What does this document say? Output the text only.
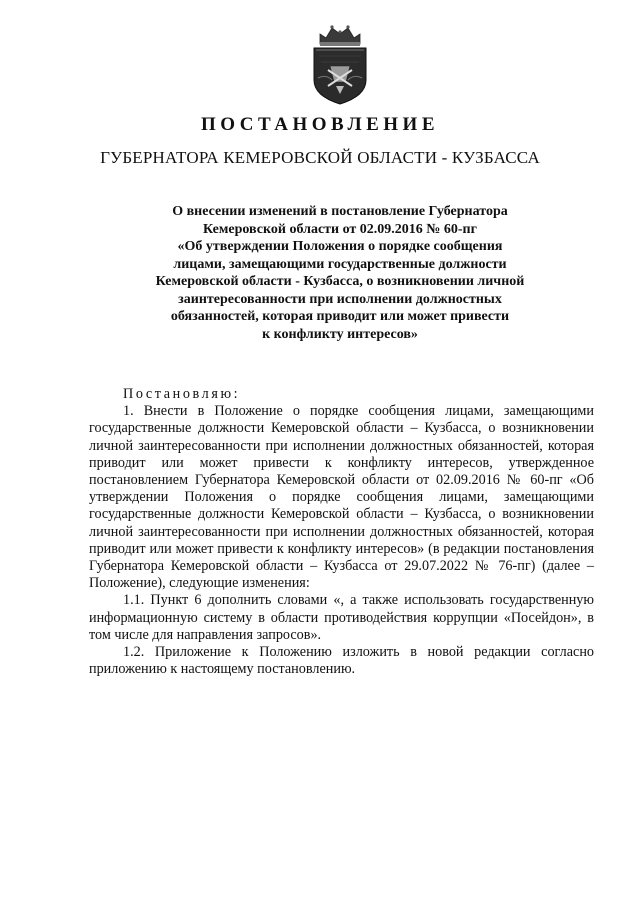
ПОСТАНОВЛЕНИЕ
ГУБЕРНАТОРА КЕМЕРОВСКОЙ ОБЛАСТИ - КУЗБАССА
О внесении изменений в постановление Губернатора
Кемеровской области от 02.09.2016 № 60-пг
«Об утверждении Положения о порядке сообщения
лицами, замещающими государственные должности
Кемеровской области - Кузбасса, о возникновении личной
заинтересованности при исполнении должностных
обязанностей, которая приводит или может привести
к конфликту интересов»
Постановляю:

1. Внести в Положение о порядке сообщения лицами, замещающими государственные должности Кемеровской области – Кузбасса, о возникновении личной заинтересованности при исполнении должностных обязанностей, которая приводит или может привести к конфликту интересов, утвержденное постановлением Губернатора Кемеровской области от 02.09.2016 № 60-пг «Об утверждении Положения о порядке сообщения лицами, замещающими государственные должности Кемеровской области – Кузбасса, о возникновении личной заинтересованности при исполнении должностных обязанностей, которая приводит или может привести к конфликту интересов» (в редакции постановления Губернатора Кемеровской области – Кузбасса от 29.07.2022 № 76-пг) (далее – Положение), следующие изменения:

1.1. Пункт 6 дополнить словами «, а также использовать государственную информационную систему в области противодействия коррупции «Посейдон», в том числе для направления запросов».

1.2. Приложение к Положению изложить в новой редакции согласно приложению к настоящему постановлению.
